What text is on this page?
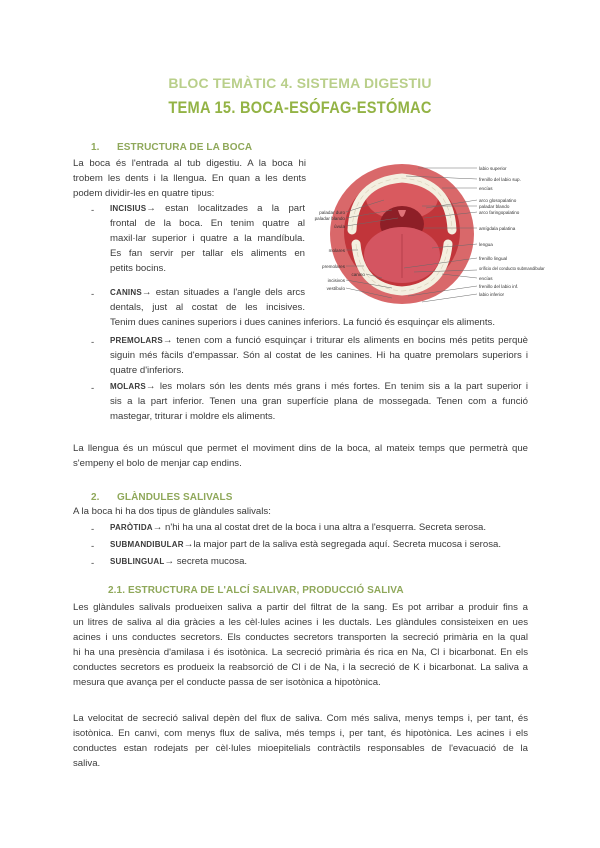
BLOC TEMÀTIC 4. SISTEMA DIGESTIU
TEMA 15. BOCA-ESÓFAG-ESTÓMAC
1. ESTRUCTURA DE LA BOCA
La boca és l'entrada al tub digestiu. A la boca hi
trobem les dents i la llengua. En quan a les dents
podem dividir-les en quatre tipus:
- INCISIUS→ estan localitzades a la part
frontal de la boca. En tenim quatre al
maxil·lar superior i quatre a la mandíbula.
Es fan servir per tallar els aliments en
petits bocins.
- CANINS→ estan situades a l'angle dels arcs
dentals, just al costat de les incisives.
Tenim dues canines superiors i dues canines inferiors. La funció és esquinçar els aliments.
- PREMOLARS→ tenen com a funció esquinçar i triturar els aliments en bocins més petits perquè
siguin més fàcils d'empassar. Són al costat de les canines. Hi ha quatre premolars superiors i
quatre d'inferiors.
- MOLARS→ les molars són les dents més grans i més fortes. En tenim sis a la part superior i
sis a la part inferior. Tenen una gran superfície plana de mossegada. Tenen com a funció
mastegar, triturar i moldre els aliments.
La llengua és un múscul que permet el moviment dins de la boca, al mateix temps que permetrà que
s'empeny el bolo de menjar cap endins.
labio superior
frenillo del labio sup.
encías
arco glosopalatino
paladar blando
arco faringopalatino
amígdala palatina
lengua
frenillo lingual
orificio del conducto submandibular
encías
frenillo del labio inf.
labio inferior
paladar duro
paladar blando
úvula
molares
premolares
canino
incisivos
vestíbulo
2. GLÀNDULES SALIVALS
A la boca hi ha dos tipus de glàndules salivals:
- PARÒTIDA→ n'hi ha una al costat dret de la boca i una altra a l'esquerra. Secreta serosa.
- SUBMANDIBULAR→la major part de la saliva està segregada aquí. Secreta mucosa i serosa.
- SUBLINGUAL→ secreta mucosa.
2.1. ESTRUCTURA DE L'ALCÍ SALIVAR, PRODUCCIÓ SALIVA
Les glàndules salivals produeixen saliva a partir del filtrat de la sang. Es pot arribar a produir fins a
un litres de saliva al dia gràcies a les cèl·lules acines i les ductals. Les glàndules consisteixen en ues
acines i uns conductes secretors. Els conductes secretors transporten la secreció primària en la qual
hi ha una presència d'amilasa i és isotònica. La secreció primària és rica en Na, Cl i bicarbonat. En els
conductes secretors es produeix la reabsorció de Cl i de Na, i la secreció de K i bicarbonat. La saliva a
mesura que avança per el conducte passa de ser isotònica a hipotònica.
La velocitat de secreció salival depèn del flux de saliva. Com més saliva, menys temps i, per tant, és
isotònica. En canvi, com menys flux de saliva, més temps i, per tant, és hipotònica. Les acines i els
conductes estan rodejats per cèl·lules mioepitelials contràctils responsables de l'evacuació de la
saliva.
